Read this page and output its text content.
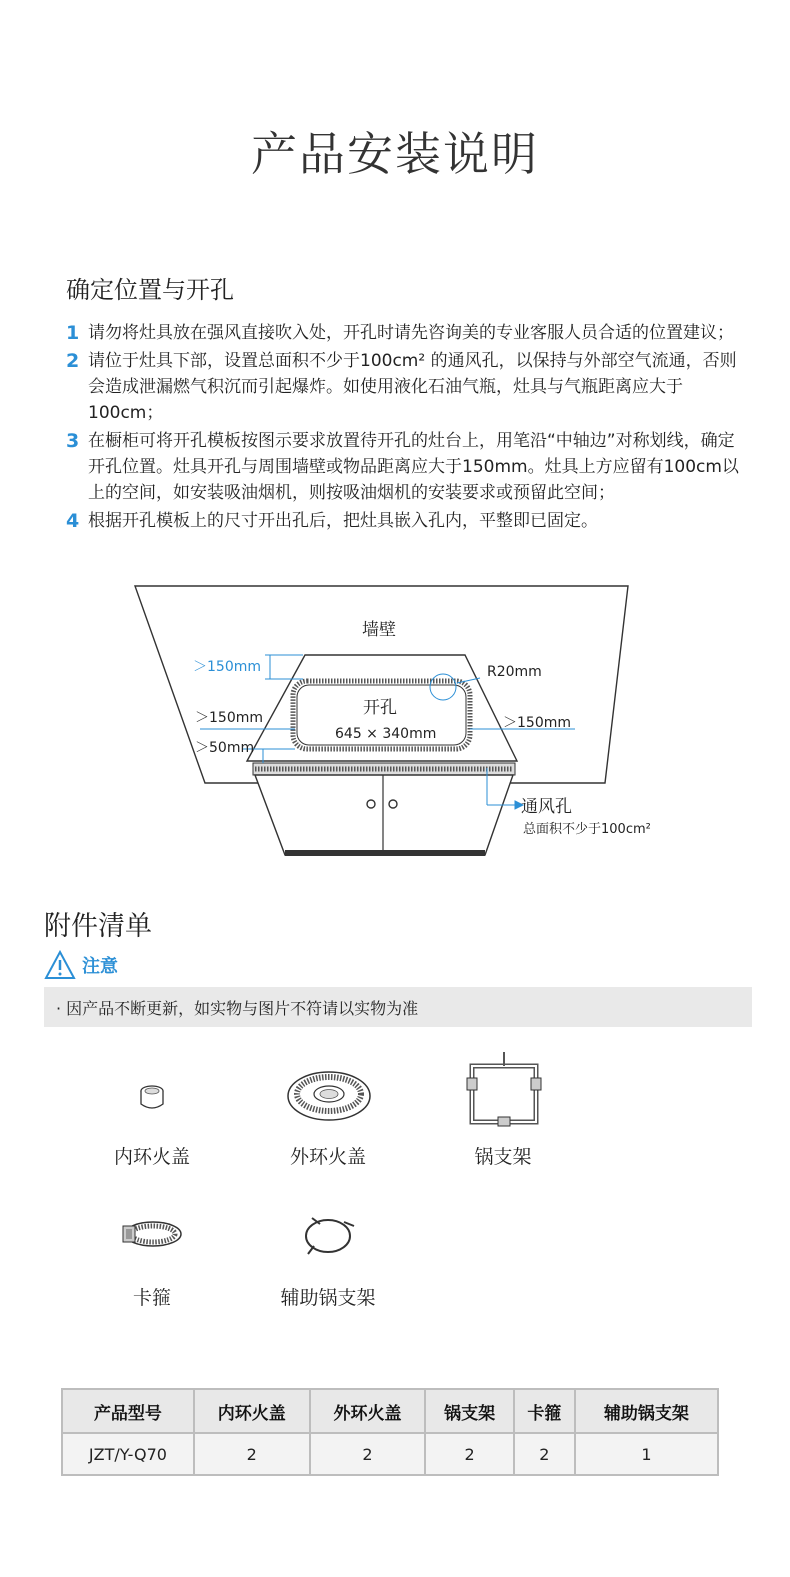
产品安装说明
确定位置与开孔
1 请勿将灶具放在强风直接吹入处，开孔时请先咨询美的专业客服人员合适的位置建议；
2 请位于灶具下部，设置总面积不少于100cm² 的通风孔，以保持与外部空气流通，否则会造成泄漏燃气积沉而引起爆炸。如使用液化石油气瓶，灶具与气瓶距离应大于100cm；
3 在橱柜可将开孔模板按图示要求放置待开孔的灶台上，用笔沿“中轴边”对称划线，确定开孔位置。灶具开孔与周围墙壁或物品距离应大于150mm。灶具上方应留有100cm以上的空间，如安装吸油烟机，则按吸油烟机的安装要求或预留此空间；
4 根据开孔模板上的尺寸开出孔后，把灶具嵌入孔内，平整即已固定。
墙壁
＞150mm
＞150mm	＞150mm
＞50mm
R20mm
开孔
645 × 340mm
通风孔
总面积不少于100cm²
附件清单
注意
· 因产品不断更新，如实物与图片不符请以实物为准
内环火盖	外环火盖	锅支架
卡箍	辅助锅支架
产品型号	内环火盖	外环火盖	锅支架	卡箍	辅助锅支架
JZT/Y-Q70	2	2	2	2	1
